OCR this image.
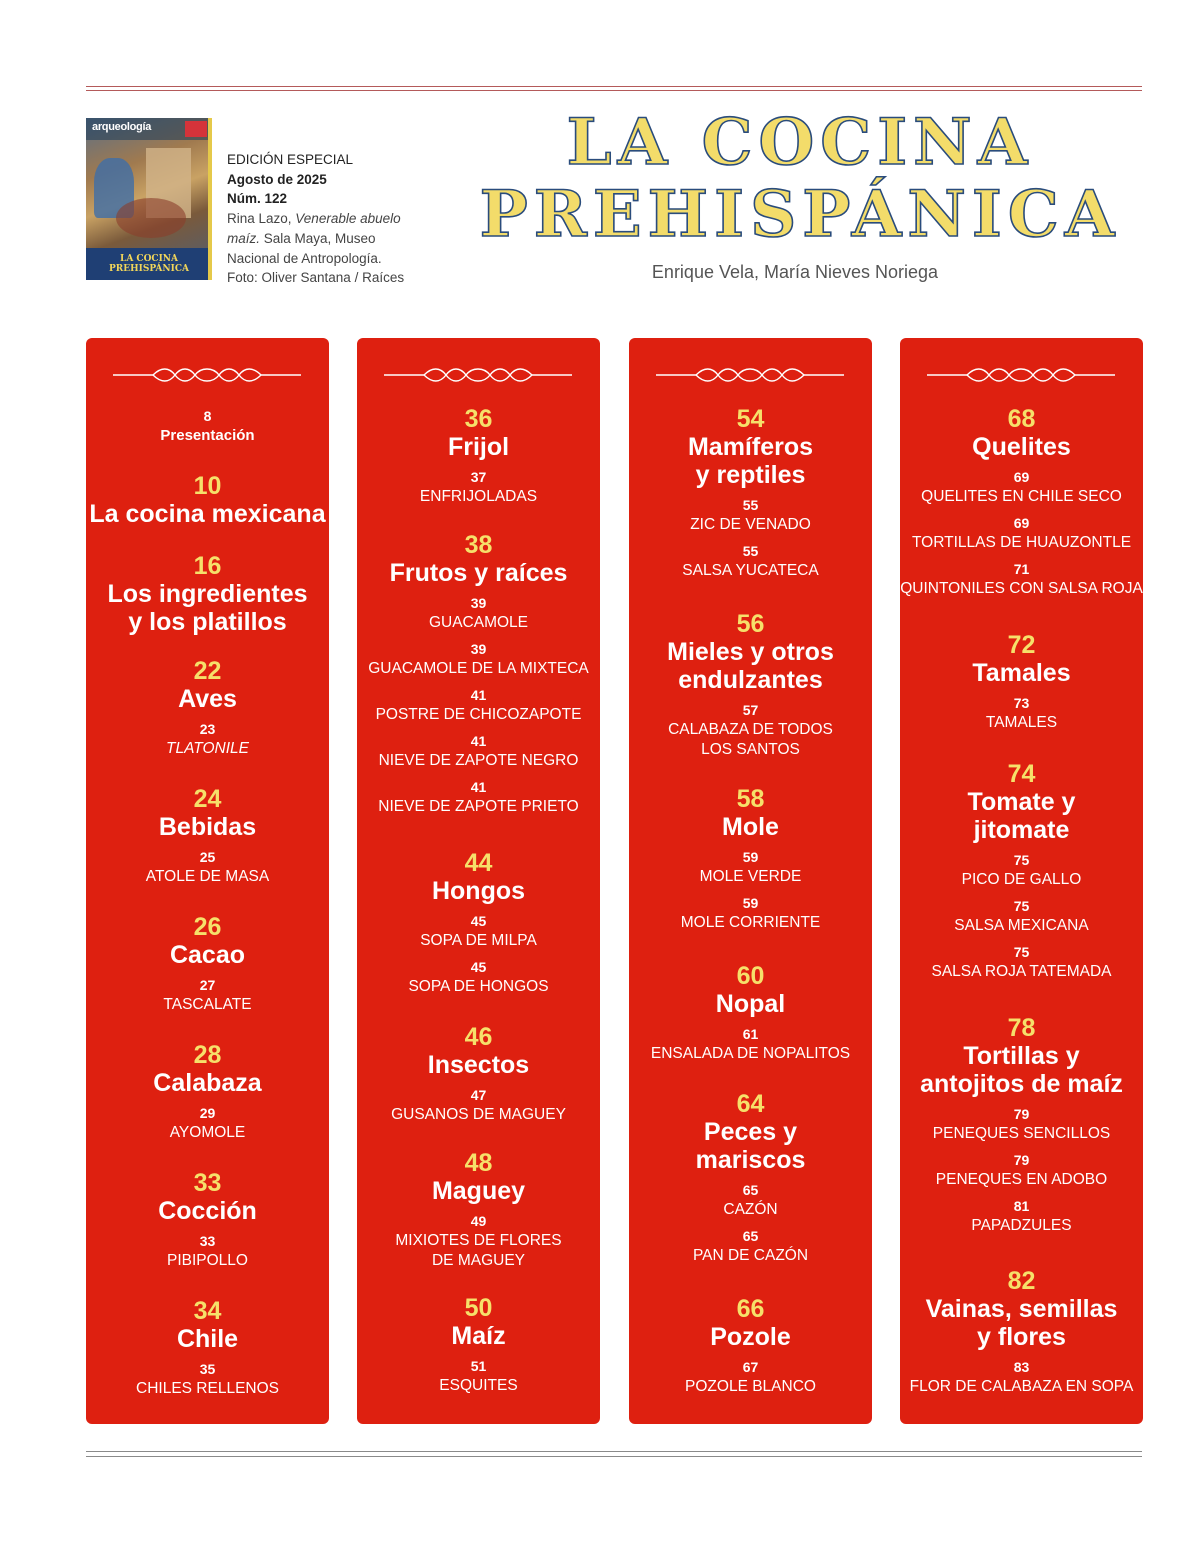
arqueología
LA COCINA
PREHISPÁNICA
EDICIÓN ESPECIAL
Agosto de 2025
Núm. 122
Rina Lazo, Venerable abuelo maíz. Sala Maya, Museo Nacional de Antropología.
Foto: Oliver Santana / Raíces
LA COCINA
PREHISPÁNICA
Enrique Vela, María Nieves Noriega
8
Presentación
10
La cocina mexicana
16
Los ingredientes
y los platillos
22
Aves
23
TLATONILE
24
Bebidas
25
ATOLE DE MASA
26
Cacao
27
TASCALATE
28
Calabaza
29
AYOMOLE
33
Cocción
33
PIBIPOLLO
34
Chile
35
CHILES RELLENOS
36
Frijol
37
ENFRIJOLADAS
38
Frutos y raíces
39
GUACAMOLE
39
GUACAMOLE DE LA MIXTECA
41
POSTRE DE CHICOZAPOTE
41
NIEVE DE ZAPOTE NEGRO
41
NIEVE DE ZAPOTE PRIETO
44
Hongos
45
SOPA DE MILPA
45
SOPA DE HONGOS
46
Insectos
47
GUSANOS DE MAGUEY
48
Maguey
49
MIXIOTES DE FLORES
DE MAGUEY
50
Maíz
51
ESQUITES
54
Mamíferos
y reptiles
55
ZIC DE VENADO
55
SALSA YUCATECA
56
Mieles y otros
endulzantes
57
CALABAZA DE TODOS
LOS SANTOS
58
Mole
59
MOLE VERDE
59
MOLE CORRIENTE
60
Nopal
61
ENSALADA DE NOPALITOS
64
Peces y
mariscos
65
CAZÓN
65
PAN DE CAZÓN
66
Pozole
67
POZOLE BLANCO
68
Quelites
69
QUELITES EN CHILE SECO
69
TORTILLAS DE HUAUZONTLE
71
QUINTONILES CON SALSA ROJA
72
Tamales
73
TAMALES
74
Tomate y
jitomate
75
PICO DE GALLO
75
SALSA MEXICANA
75
SALSA ROJA TATEMADA
78
Tortillas y
antojitos de maíz
79
PENEQUES SENCILLOS
79
PENEQUES EN ADOBO
81
PAPADZULES
82
Vainas, semillas
y flores
83
FLOR DE CALABAZA EN SOPA
